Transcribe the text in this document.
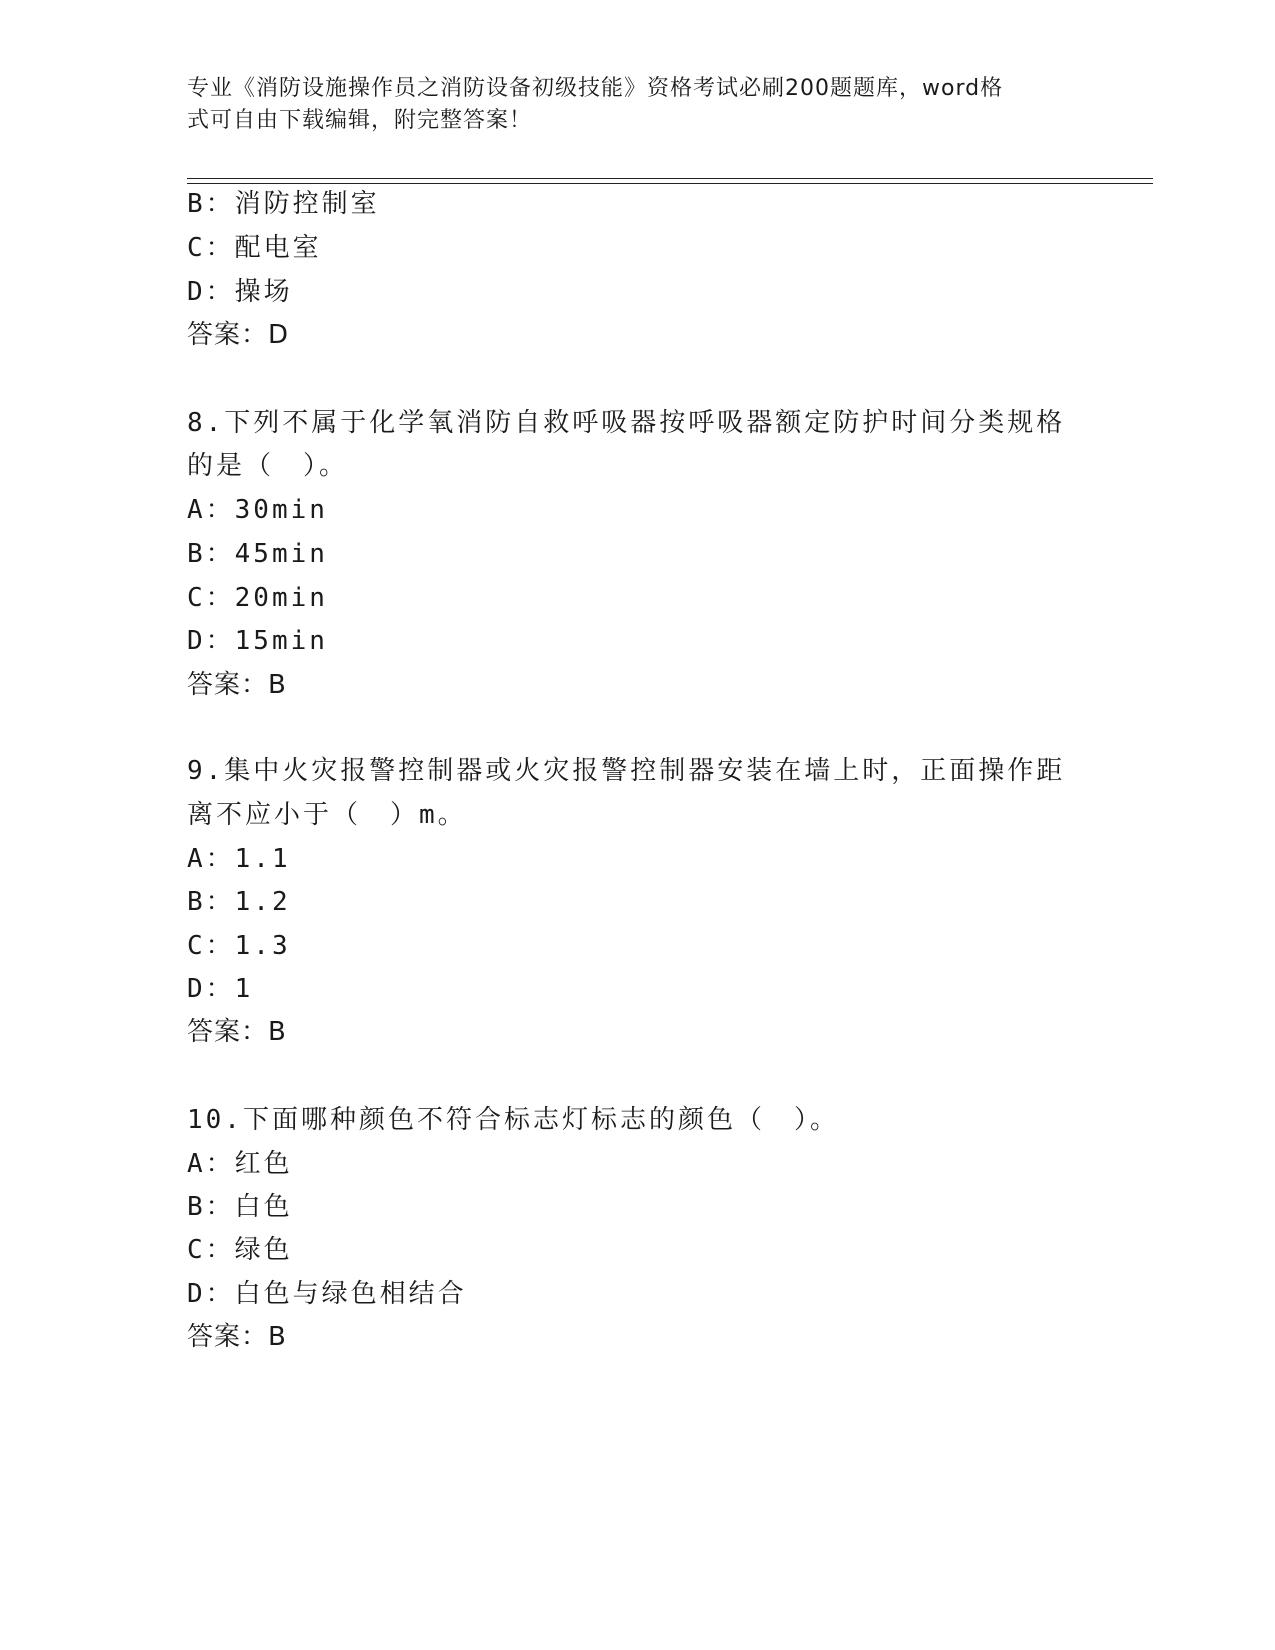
专业《消防设施操作员之消防设备初级技能》资格考试必刷200题题库，word格
式可自由下载编辑，附完整答案！
B：消防控制室
C：配电室
D：操场
答案：D
8.下列不属于化学氧消防自救呼吸器按呼吸器额定防护时间分类规格
的是（　）。
A：30min
B：45min
C：20min
D：15min
答案：B
9.集中火灾报警控制器或火灾报警控制器安装在墙上时，正面操作距
离不应小于（　）m。
A：1.1
B：1.2
C：1.3
D：1
答案：B
10.下面哪种颜色不符合标志灯标志的颜色（　）。
A：红色
B：白色
C：绿色
D：白色与绿色相结合
答案：B
